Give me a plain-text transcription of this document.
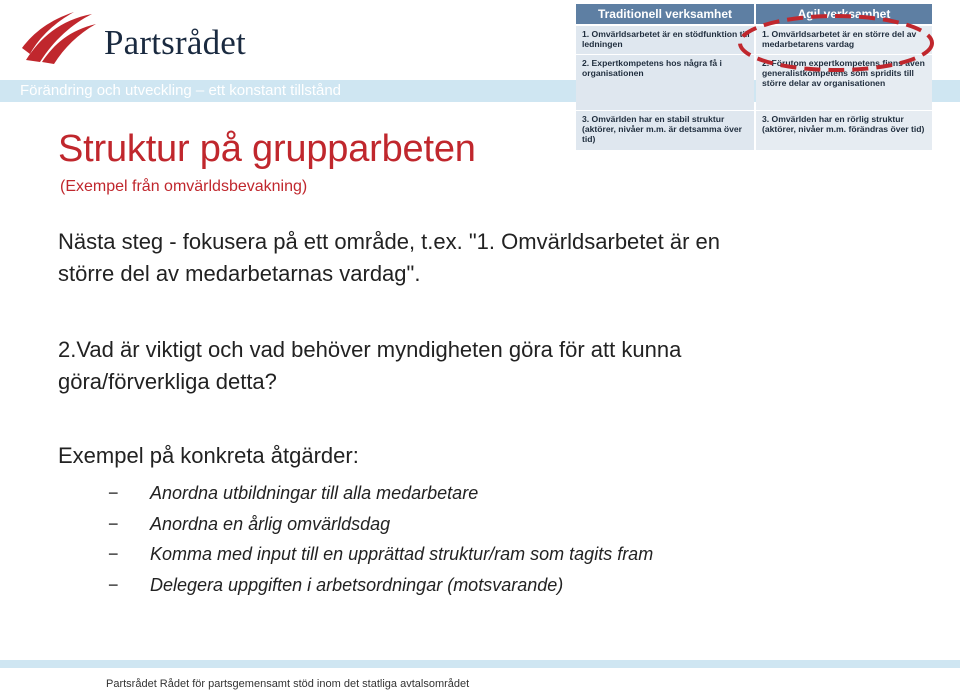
Partsrådet
Förändring och utveckling – ett konstant tillstånd
Traditionell verksamhet	Agil verksamhet
1. Omvärldsarbetet är en stödfunktion till ledningen
2. Expertkompetens hos några få i organisationen
3. Omvärlden har en stabil struktur (aktörer, nivåer m.m. är detsamma över tid)
1. Omvärldsarbetet är en större del av medarbetarens vardag
2. Förutom expertkompetens finns även generalistkompetens som spridits till större delar av organisationen
3. Omvärlden har en rörlig struktur (aktörer, nivåer m.m. förändras över tid)
Struktur på grupparbeten
(Exempel från omvärldsbevakning)
Nästa steg - fokusera på ett område, t.ex. "1. Omvärldsarbetet är en
större del av medarbetarnas vardag".
2.Vad är viktigt och vad behöver myndigheten göra för att kunna
göra/förverkliga detta?
Exempel på konkreta åtgärder:
− Anordna utbildningar till alla medarbetare
− Anordna en årlig omvärldsdag
− Komma med input till en upprättad struktur/ram som tagits fram
− Delegera uppgiften i arbetsordningar (motsvarande)
Partsrådet Rådet för partsgemensamt stöd inom det statliga avtalsområdet
